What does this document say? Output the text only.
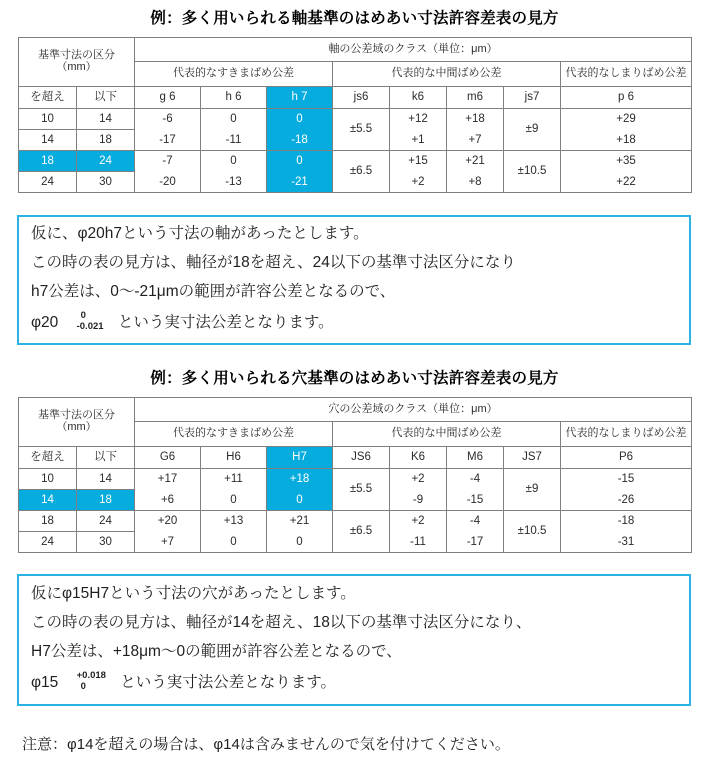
例：多く用いられる軸基準のはめあい寸法許容差表の見方
基準寸法の区分
（mm）		軸の公差域のクラス（単位：μm）							
		代表的なすきまばめ公差			代表的な中間ばめ公差				代表的なしまりばめ公差
を超え	以下	g 6	h 6	h 7	js6	k6	m6	js7	p 6
10	14	-6	0	0	±5.5	+12	+18	±9	+29
14	18	-17	-11	-18		+1	+7		+18
18	24	-7	0	0	±6.5	+15	+21	±10.5	+35
24	30	-20	-13	-21		+2	+8		+22
仮に、φ20h7という寸法の軸があったとします。
この時の表の見方は、軸径が18を超え、24以下の基準寸法区分になり
h7公差は、0〜-21μmの範囲が許容公差となるので、
φ20	0
-0.021 という実寸法公差となります。
例：多く用いられる穴基準のはめあい寸法許容差表の見方
基準寸法の区分
（mm）		穴の公差域のクラス（単位：μm）							
		代表的なすきまばめ公差			代表的な中間ばめ公差				代表的なしまりばめ公差
を超え	以下	G6	H6	H7	JS6	K6	M6	JS7	P6
10	14	+17	+11	+18	±5.5	+2	-4	±9	-15
14	18	+6	0	0		-9	-15		-26
18	24	+20	+13	+21	±6.5	+2	-4	±10.5	-18
24	30	+7	0	0		-11	-17		-31
仮にφ15H7という寸法の穴があったとします。
この時の表の見方は、軸径が14を超え、18以下の基準寸法区分になり、
H7公差は、+18μm〜0の範囲が許容公差となるので、
φ15 +0.018
0	という実寸法公差となります。
注意：φ14を超えの場合は、φ14は含みませんので気を付けてください。
